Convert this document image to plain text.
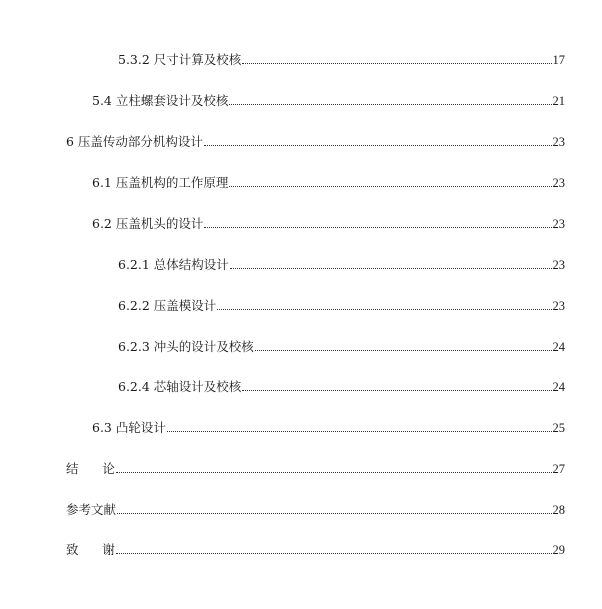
5.3.2 尺寸计算及校核	17
5.4 立柱螺套设计及校核	21
6 压盖传动部分机构设计	23
6.1 压盖机构的工作原理	23
6.2 压盖机头的设计	23
6.2.1 总体结构设计	23
6.2.2 压盖模设计	23
6.2.3 冲头的设计及校核	24
6.2.4 芯轴设计及校核	24
6.3 凸轮设计	25
结      论	27
参考文献	28
致      谢	29
